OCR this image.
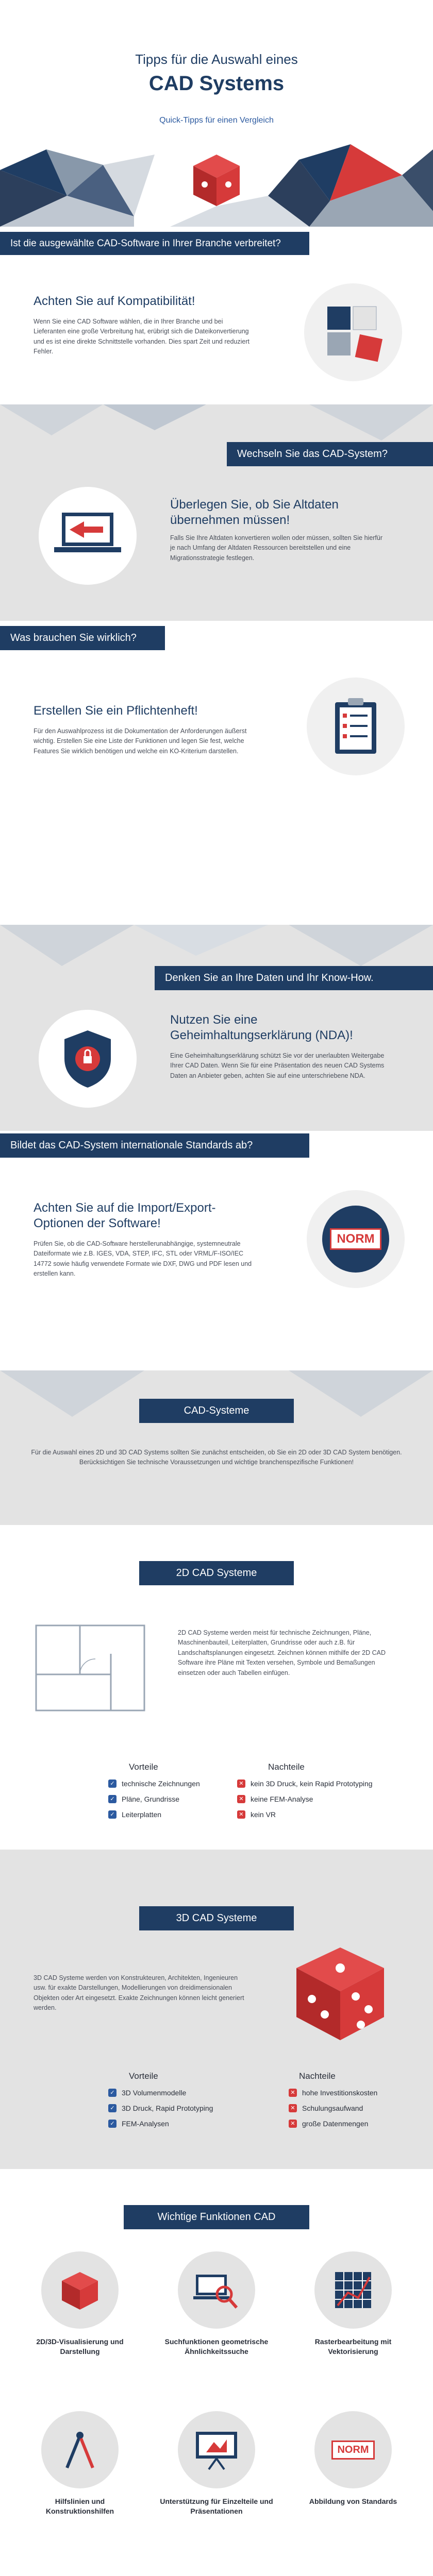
Tipps für die Auswahl eines
CAD Systems
Quick-Tipps für einen Vergleich
Ist die ausgewählte CAD-Software in Ihrer Branche verbreitet?
Achten Sie auf Kompatibilität!
Wenn Sie eine CAD Software wählen, die in Ihrer Branche und bei Lieferanten eine große Verbreitung hat, erübrigt sich die Dateikonvertierung und es ist eine direkte Schnittstelle vorhanden. Dies spart Zeit und reduziert Fehler.
Wechseln Sie das CAD-System?
Überlegen Sie, ob Sie Altdaten übernehmen müssen!
Falls Sie Ihre Altdaten konvertieren wollen oder müssen, sollten Sie hierfür je nach Umfang der Altdaten Ressourcen bereitstellen und eine Migrationsstrategie festlegen.
Was brauchen Sie wirklich?
Erstellen Sie ein Pflichtenheft!
Für den Auswahlprozess ist die Dokumentation der Anforderungen äußerst wichtig. Erstellen Sie eine Liste der Funktionen und legen Sie fest, welche Features Sie wirklich benötigen und welche ein KO-Kriterium darstellen.
Denken Sie an Ihre Daten und Ihr Know-How.
Nutzen Sie eine Geheimhaltungserklärung (NDA)!
Eine Geheimhaltungserklärung schützt Sie vor der unerlaubten Weitergabe Ihrer CAD Daten. Wenn Sie für eine Präsentation des neuen CAD Systems Daten an Anbieter geben, achten Sie auf eine unterschriebene NDA.
Bildet das CAD-System internationale Standards ab?
Achten Sie auf die Import/Export-Optionen der Software!
Prüfen Sie, ob die CAD-Software herstellerunabhängige, systemneutrale Dateiformate wie z.B. IGES, VDA, STEP, IFC, STL oder VRML/F-ISO/IEC 14772 sowie häufig verwendete Formate wie DXF, DWG und PDF lesen und erstellen kann.
NORM
CAD-Systeme
Für die Auswahl eines 2D und 3D CAD Systems sollten Sie zunächst entscheiden, ob Sie ein 2D oder 3D CAD System benötigen. Berücksichtigen Sie technische Voraussetzungen und wichtige branchenspezifische Funktionen!
2D CAD Systeme
2D CAD Systeme werden meist für technische Zeichnungen, Pläne, Maschinenbauteil, Leiterplatten, Grundrisse oder auch z.B. für Landschaftsplanungen eingesetzt. Zeichnen können mithilfe der 2D CAD Software ihre Pläne mit Texten versehen, Symbole und Bemaßungen einsetzen oder auch Tabellen einfügen.
Vorteile
✓ technische Zeichnungen
✓ Pläne, Grundrisse
✓ Leiterplatten
Nachteile
✕ kein 3D Druck, kein Rapid Prototyping
✕ keine FEM-Analyse
✕ kein VR
3D CAD Systeme
3D CAD Systeme werden von Konstrukteuren, Architekten, Ingenieuren usw. für exakte Darstellungen, Modellierungen von dreidimensionalen Objekten oder Art eingesetzt. Exakte Zeichnungen können leicht generiert werden.
Vorteile
✓ 3D Volumenmodelle
✓ 3D Druck, Rapid Prototyping
✓ FEM-Analysen
Nachteile
✕ hohe Investitionskosten
✕ Schulungsaufwand
✕ große Datenmengen
Wichtige Funktionen CAD
2D/3D-Visualisierung und Darstellung
Suchfunktionen geometrische Ähnlichkeitssuche
Rasterbearbeitung mit Vektorisierung
Hilfslinien und Konstruktionshilfen
Unterstützung für Einzelteile und Präsentationen
NORM
Abbildung von Standards
